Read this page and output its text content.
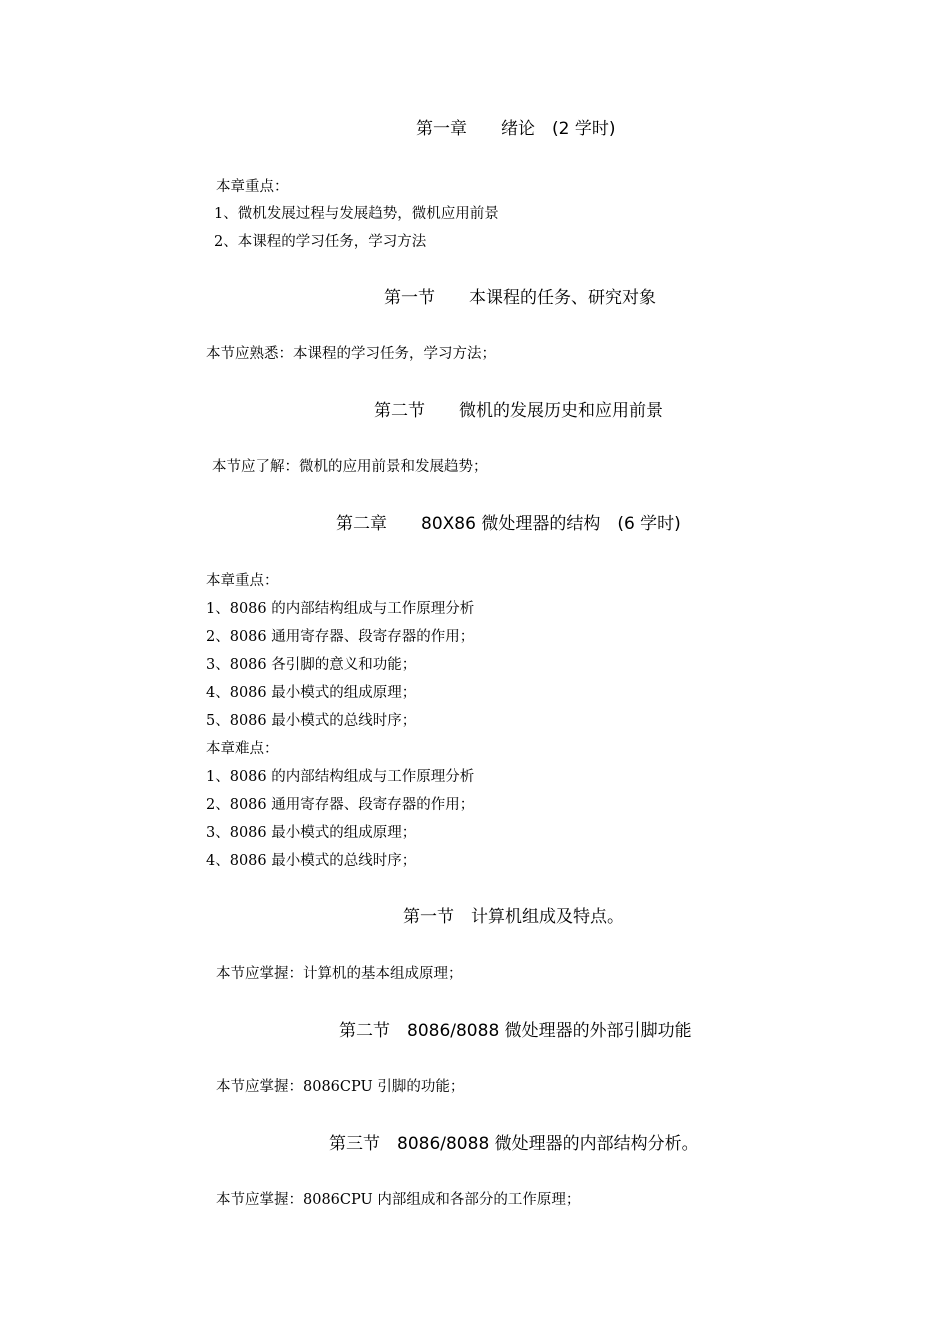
第一章　　绪论　(2 学时)
本章重点：
1、微机发展过程与发展趋势，微机应用前景
2、本课程的学习任务，学习方法
第一节　　本课程的任务、研究对象
本节应熟悉：本课程的学习任务，学习方法；
第二节　　微机的发展历史和应用前景
本节应了解：微机的应用前景和发展趋势；
第二章　　80X86 微处理器的结构　(6 学时)
本章重点：
1、8086 的内部结构组成与工作原理分析
2、8086 通用寄存器、段寄存器的作用；
3、8086 各引脚的意义和功能；
4、8086 最小模式的组成原理；
5、8086 最小模式的总线时序；
本章难点：
1、8086 的内部结构组成与工作原理分析
2、8086 通用寄存器、段寄存器的作用；
3、8086 最小模式的组成原理；
4、8086 最小模式的总线时序；
第一节　计算机组成及特点。
本节应掌握：计算机的基本组成原理；
第二节　8086/8088 微处理器的外部引脚功能
本节应掌握：8086CPU 引脚的功能；
第三节　8086/8088 微处理器的内部结构分析。
本节应掌握：8086CPU 内部组成和各部分的工作原理；
